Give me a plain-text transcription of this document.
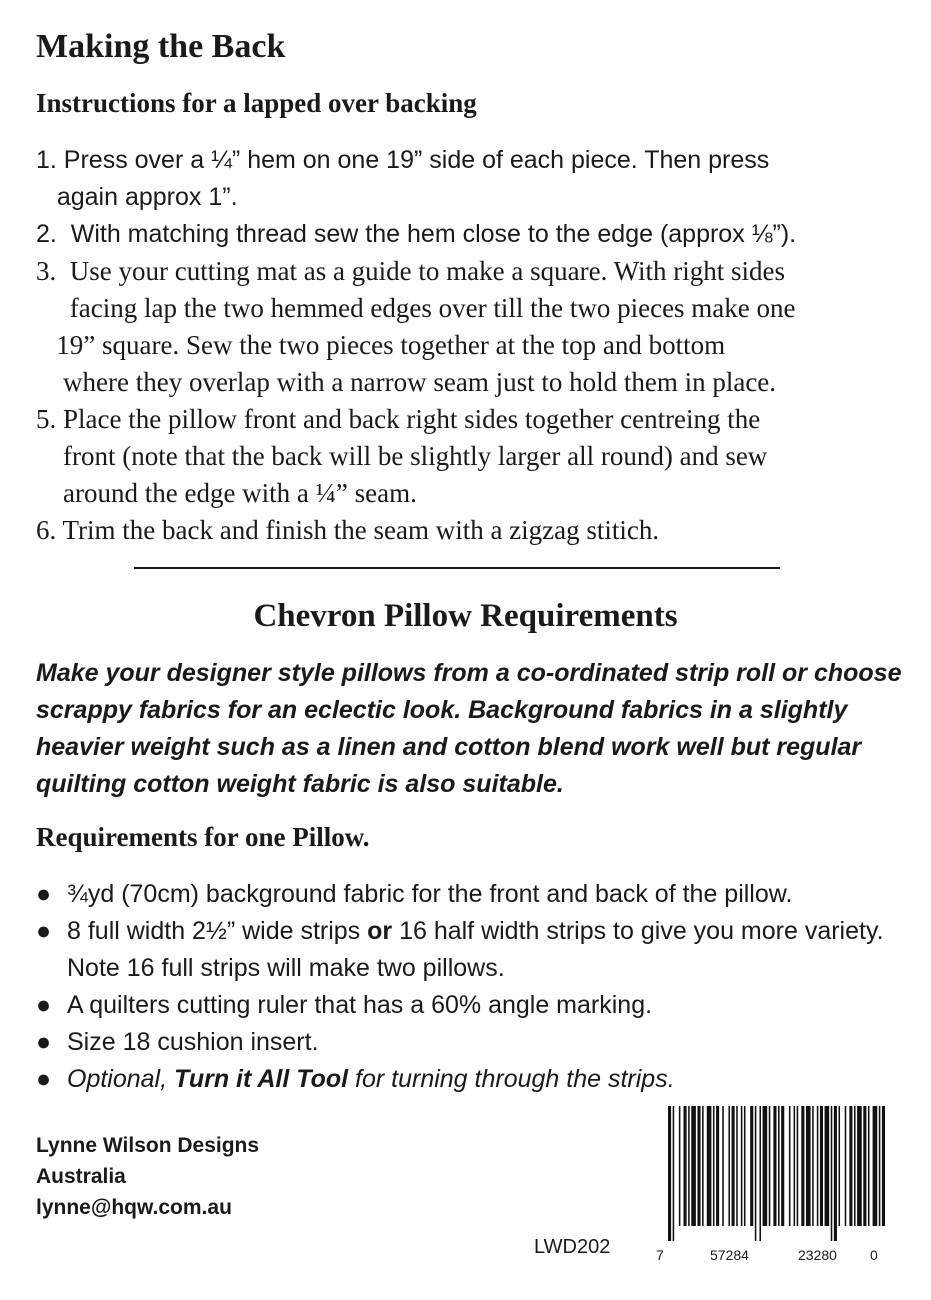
Making the Back
Instructions for a lapped over backing
1. Press over a ¼” hem on one 19” side of each piece. Then press
again approx 1”.
2.  With matching thread sew the hem close to the edge (approx ⅛”).
3.  Use your cutting mat as a guide to make a square. With right sides
facing lap the two hemmed edges over till the two pieces make one
19” square. Sew the two pieces together at the top and bottom
where they overlap with a narrow seam just to hold them in place.
5. Place the pillow front and back right sides together centreing the
front (note that the back will be slightly larger all round) and sew
around the edge with a ¼” seam.
6. Trim the back and finish the seam with a zigzag stitich.
Chevron Pillow Requirements
Make your designer style pillows from a co-ordinated strip roll or choose scrappy fabrics for an eclectic look. Background fabrics in a slightly heavier weight such as a linen and cotton blend work well but regular quilting cotton weight fabric is also suitable.
Requirements for one Pillow.
● ¾yd (70cm) background fabric for the front and back of the pillow.
● 8 full width 2½” wide strips or 16 half width strips to give you more variety. Note 16 full strips will make two pillows.
● A quilters cutting ruler that has a 60% angle marking.
● Size 18 cushion insert.
● Optional, Turn it All Tool for turning through the strips.
Lynne Wilson Designs
Australia
lynne@hqw.com.au
LWD202	7	57284	23280 0
